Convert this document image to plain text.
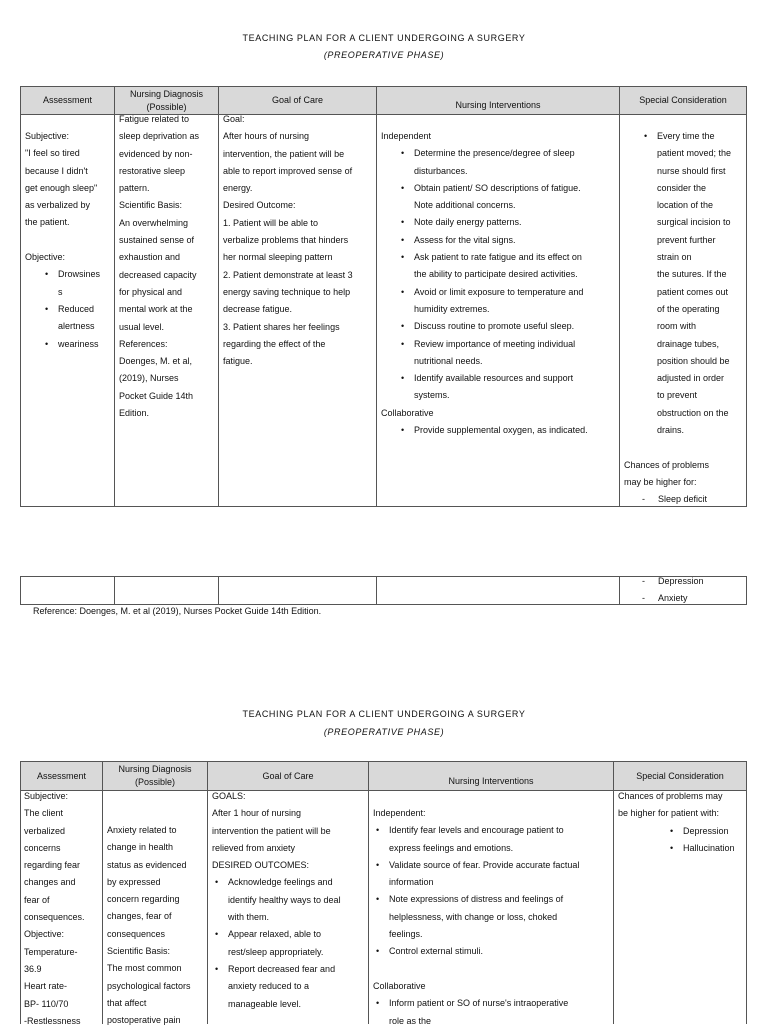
TEACHING PLAN FOR A CLIENT UNDERGOING A SURGERY
(PREOPERATIVE PHASE)
Assessment
Nursing Diagnosis
(Possible)
Goal of Care	Nursing Interventions	Special Consideration

Subjective:

"I feel so tired

because I didn't

get enough sleep"

as verbalized by

the patient.

Objective:

• Drowsines

s

• Reduced

alertness

• weariness

Fatigue related to

sleep deprivation as

evidenced by non-

restorative sleep

pattern.

Scientific Basis:

An overwhelming

sustained sense of

exhaustion and

decreased capacity

for physical and

mental work at the

usual level.

References:

Doenges, M. et al,

(2019), Nurses

Pocket Guide 14th

Edition.

Goal:

After hours of nursing

intervention, the patient will be

able to report improved sense of

energy.

Desired Outcome:

1. Patient will be able to

verbalize problems that hinders

her normal sleeping pattern

2. Patient demonstrate at least 3

energy saving technique to help

decrease fatigue.

3. Patient shares her feelings

regarding the effect of the

fatigue.

Independent

• Determine the presence/degree of sleep

disturbances.

• Obtain patient/ SO descriptions of fatigue.

Note additional concerns.

• Note daily energy patterns.

• Assess for the vital signs.

• Ask patient to rate fatigue and its effect on

the ability to participate desired activities.

• Avoid or limit exposure to temperature and

humidity extremes.

• Discuss routine to promote useful sleep.

• Review importance of meeting individual

nutritional needs.

• Identify available resources and support

systems.

Collaborative

• Provide supplemental oxygen, as indicated.

• Every time the

patient moved; the

nurse should first

consider the

location of the

surgical incision to

prevent further

strain on

the sutures. If the

patient comes out

of the operating

room with

drainage tubes,

position should be

adjusted in order

to prevent

obstruction on the

drains.

Chances of problems

may be higher for:

- Sleep deficit

- Depression

- Anxiety

Reference: Doenges, M. et al (2019), Nurses Pocket Guide 14th Edition.
TEACHING PLAN FOR A CLIENT UNDERGOING A SURGERY
(PREOPERATIVE PHASE)
Assessment
Nursing Diagnosis
(Possible)
Goal of Care
Nursing Interventions
Special Consideration

Subjective:

The client

verbalized

concerns

regarding fear

changes and

fear of

consequences.

Objective:

Temperature-

36.9

Heart rate-

BP- 110/70

-Restlessness

Anxiety related to

change in health

status as evidenced

by expressed

concern regarding

changes, fear of

consequences

Scientific Basis:

The most common

psychological factors

that affect

postoperative pain

GOALS:

After 1 hour of nursing

intervention the patient will be

relieved from anxiety

DESIRED OUTCOMES:

• Acknowledge feelings and

identify healthy ways to deal

with them.

• Appear relaxed, able to

rest/sleep appropriately.

• Report decreased fear and

anxiety reduced to a

manageable level.

Independent:

• Identify fear levels and encourage patient to

express feelings and emotions.

• Validate source of fear. Provide accurate factual

information

• Note expressions of distress and feelings of

helplessness, with change or loss, choked

feelings.

• Control external stimuli.

Collaborative

• Inform patient or SO of nurse's intraoperative

role as the

Chances of problems may

be higher for patient with:

• Depression

• Hallucination
